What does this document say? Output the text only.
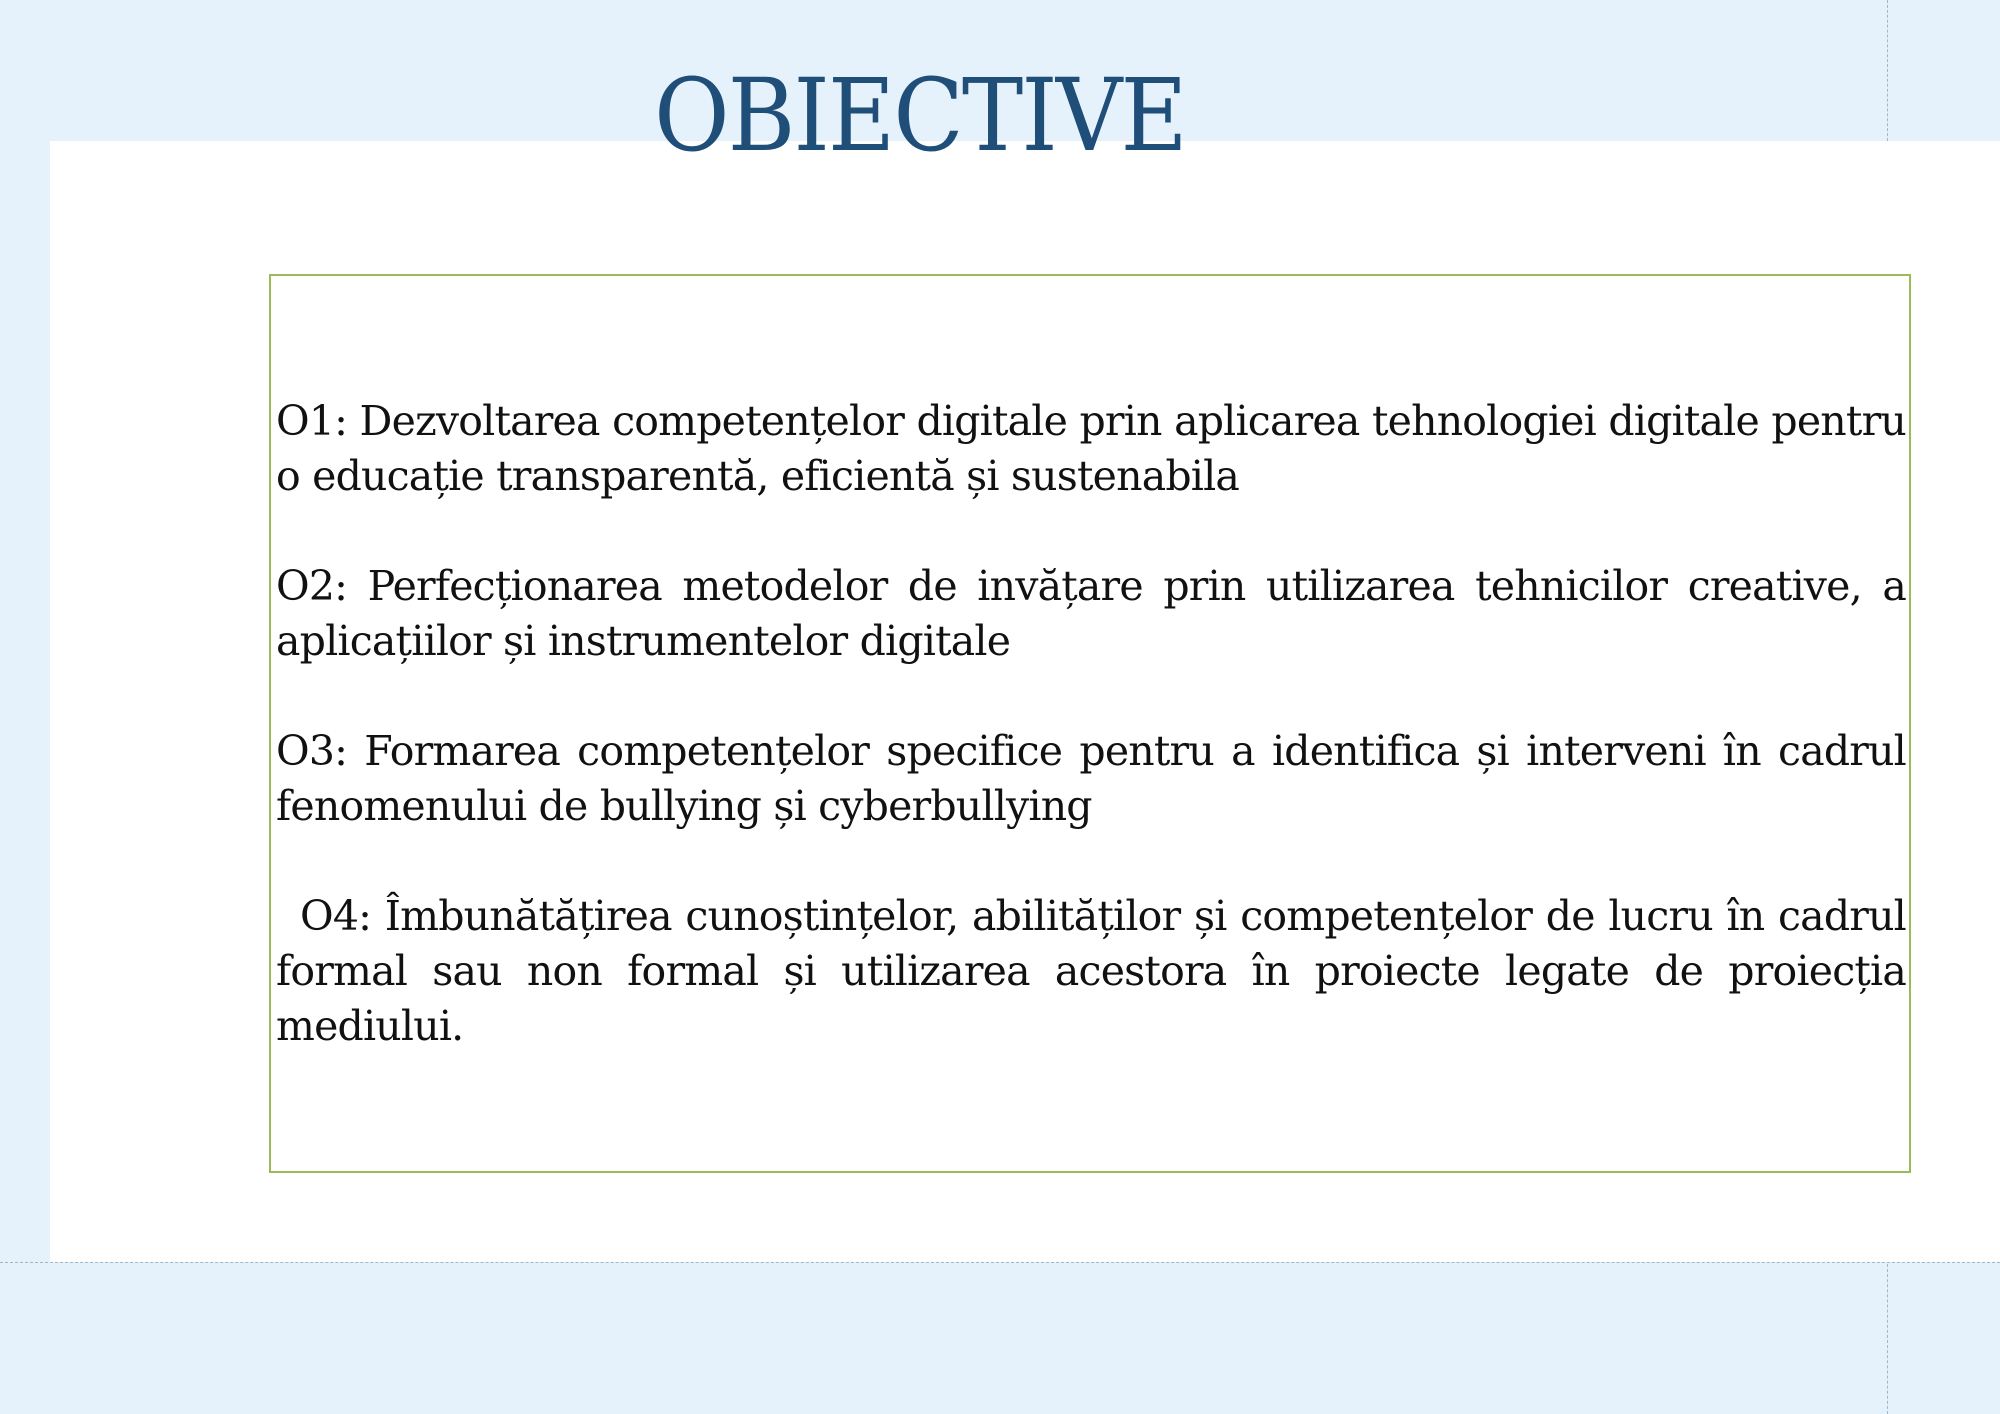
OBIECTIVE

O1: Dezvoltarea competențelor digitale prin aplicarea tehnologiei digitale pentru o educație transparentă, eficientă și sustenabila

O2: Perfecționarea metodelor de invățare prin utilizarea tehnicilor creative, a aplicațiilor și instrumentelor digitale

O3: Formarea competențelor specifice pentru a identifica și interveni în cadrul fenomenului de bullying și cyberbullying

O4: Îmbunătățirea cunoștințelor, abilităților și competențelor de lucru în cadrul formal sau non formal și utilizarea acestora în proiecte legate de proiecția mediului.
